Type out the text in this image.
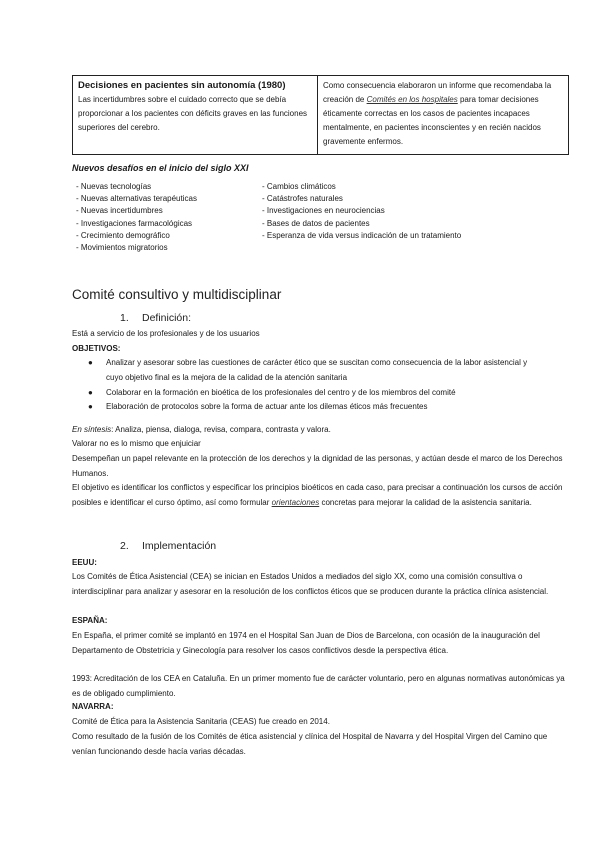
Decisiones en pacientes sin autonomía (1980)
Las incertidumbres sobre el cuidado correcto que se debía proporcionar a los pacientes con déficits graves en las funciones superiores del cerebro.	Como consecuencia elaboraron un informe que recomendaba la creación de Comités en los hospitales para tomar decisiones éticamente correctas en los casos de pacientes incapaces mentalmente, en pacientes inconscientes y en recién nacidos gravemente enfermos.
Nuevos desafíos en el inicio del siglo XXI
- Nuevas tecnologías
- Nuevas alternativas terapéuticas
- Nuevas incertidumbres
- Investigaciones farmacológicas
- Crecimiento demográfico
- Movimientos migratorios
- Cambios climáticos
- Catástrofes naturales
- Investigaciones en neurociencias
- Bases de datos de pacientes
- Esperanza de vida versus indicación de un tratamiento
Comité consultivo y multidisciplinar
1. Definición:
Está a servicio de los profesionales y de los usuarios
OBJETIVOS:
● Analizar y asesorar sobre las cuestiones de carácter ético que se suscitan como consecuencia de la labor asistencial y cuyo objetivo final es la mejora de la calidad de la atención sanitaria
● Colaborar en la formación en bioética de los profesionales del centro y de los miembros del comité
● Elaboración de protocolos sobre la forma de actuar ante los dilemas éticos más frecuentes
En síntesis: Analiza, piensa, dialoga, revisa, compara, contrasta y valora.
Valorar no es lo mismo que enjuiciar
Desempeñan un papel relevante en la protección de los derechos y la dignidad de las personas, y actúan desde el marco de los Derechos Humanos.
El objetivo es identificar los conflictos y especificar los principios bioéticos en cada caso, para precisar a continuación los cursos de acción posibles e identificar el curso óptimo, así como formular orientaciones concretas para mejorar la calidad de la asistencia sanitaria.
2. Implementación
EEUU:
Los Comités de Ética Asistencial (CEA) se inician en Estados Unidos a mediados del siglo XX, como una comisión consultiva o interdisciplinar para analizar y asesorar en la resolución de los conflictos éticos que se producen durante la práctica clínica asistencial.
ESPAÑA:
En España, el primer comité se implantó en 1974 en el Hospital San Juan de Dios de Barcelona, con ocasión de la inauguración del Departamento de Obstetricia y Ginecología para resolver los casos conflictivos desde la perspectiva ética.
1993: Acreditación de los CEA en Cataluña. En un primer momento fue de carácter voluntario, pero en algunas normativas autonómicas ya es de obligado cumplimiento.
NAVARRA:
Comité de Ética para la Asistencia Sanitaria (CEAS) fue creado en 2014.
Como resultado de la fusión de los Comités de ética asistencial y clínica del Hospital de Navarra y del Hospital Virgen del Camino que venían funcionando desde hacía varias décadas.
